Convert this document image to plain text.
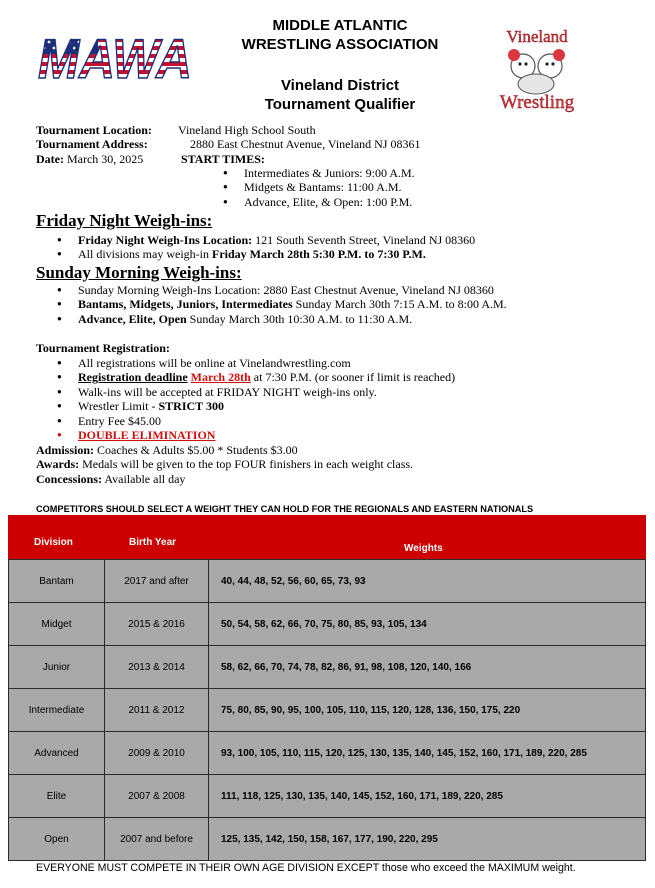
MAWA
MIDDLE ATLANTIC
WRESTLING ASSOCIATION
Vineland District
Tournament Qualifier
Vineland
Wrestling
Tournament Location: Vineland High School South
Tournament Address:	2880 East Chestnut Avenue, Vineland NJ 08361
Date: March 30, 2025	START TIMES:
● Intermediates & Juniors: 9:00 A.M.
● Midgets & Bantams: 11:00 A.M.
● Advance, Elite, & Open: 1:00 P.M.
Friday Night Weigh-ins:
● Friday Night Weigh-Ins Location: 121 South Seventh Street, Vineland NJ 08360
● All divisions may weigh-in Friday March 28th 5:30 P.M. to 7:30 P.M.
Sunday Morning Weigh-ins:
● Sunday Morning Weigh-Ins Location: 2880 East Chestnut Avenue, Vineland NJ 08360
● Bantams, Midgets, Juniors, Intermediates Sunday March 30th 7:15 A.M. to 8:00 A.M.
● Advance, Elite, Open Sunday March 30th 10:30 A.M. to 11:30 A.M.
Tournament Registration:
● All registrations will be online at Vinelandwrestling.com
● Registration deadline March 28th at 7:30 P.M. (or sooner if limit is reached)
● Walk-ins will be accepted at FRIDAY NIGHT weigh-ins only.
● Wrestler Limit - STRICT 300
● Entry Fee $45.00
● DOUBLE ELIMINATION
Admission: Coaches & Adults $5.00 * Students $3.00
Awards: Medals will be given to the top FOUR finishers in each weight class.
Concessions: Available all day
COMPETITORS SHOULD SELECT A WEIGHT THEY CAN HOLD FOR THE REGIONALS AND EASTERN NATIONALS
Division	Birth Year
Weights
Bantam	2017 and after	40, 44, 48, 52, 56, 60, 65, 73, 93
Midget	2015 & 2016	50, 54, 58, 62, 66, 70, 75, 80, 85, 93, 105, 134
Junior	2013 & 2014	58, 62, 66, 70, 74, 78, 82, 86, 91, 98, 108, 120, 140, 166
Intermediate	2011 & 2012	75, 80, 85, 90, 95, 100, 105, 110, 115, 120, 128, 136, 150, 175, 220
Advanced	2009 & 2010	93, 100, 105, 110, 115, 120, 125, 130, 135, 140, 145, 152, 160, 171, 189, 220, 285
Elite	2007 & 2008	111, 118, 125, 130, 135, 140, 145, 152, 160, 171, 189, 220, 285
Open	2007 and before	125, 135, 142, 150, 158, 167, 177, 190, 220, 295
EVERYONE MUST COMPETE IN THEIR OWN AGE DIVISION EXCEPT those who exceed the MAXIMUM weight.
